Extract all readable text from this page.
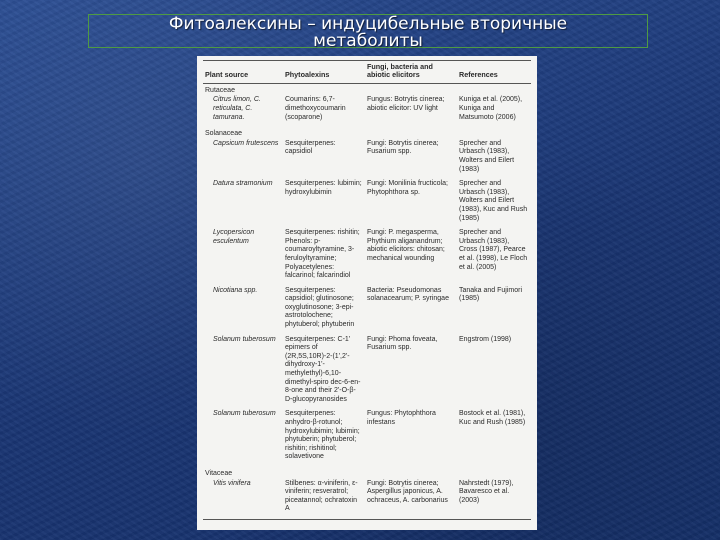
Фитоалексины – индуцибельные вторичные
метаболиты
Plant source	Phytoalexins	Fungi, bacteria and abiotic elicitors	References
Rutaceae			
Citrus limon, C. reticulata, C. tamurana.	Coumarins: 6,7-dimethoxycoumarin (scoparone)	Fungus: Botrytis cinerea; abiotic elicitor: UV light	Kuniga et al. (2005), Kuniga and Matsumoto (2006)
Solanaceae			
Capsicum frutescens	Sesquiterpenes: capsidiol	Fungi: Botrytis cinerea; Fusarium spp.	Sprecher and Urbasch (1983), Wolters and Eilert (1983)
Datura stramonium	Sesquiterpenes: lubimin; hydroxylubimin	Fungi: Monilinia fructicola; Phytophthora sp.	Sprecher and Urbasch (1983), Wolters and Eilert (1983), Kuc and Rush (1985)
Lycopersicon esculentum	Sesquiterpenes: rishitin; Phenols: p-coumaroyltyramine, 3-feruloyltyramine; Polyacetylenes: falcarinol; falcarindiol	Fungi: P. megasperma, Phythium aliganandrum; abiotic elicitors: chitosan; mechanical wounding	Sprecher and Urbasch (1983), Cross (1987), Pearce et al. (1998), Le Floch et al. (2005)
Nicotiana spp.	Sesquiterpenes: capsidiol; glutinosone; oxyglutinosone; 3-epi-astrotolochene; phytuberol; phytuberin	Bacteria: Pseudomonas solanacearum; P. syringae	Tanaka and Fujimori (1985)
Solanum tuberosum	Sesquiterpenes: C-1' epimers of (2R,5S,10R)-2-(1',2'-dihydroxy-1'-methylethyl)-6,10-dimethyl-spiro dec-6-en-8-one and their 2'-O-β-D-glucopyranosides	Fungi: Phoma foveata, Fusarium spp.	Engstrom (1998)
Solanum tuberosum	Sesquiterpenes: anhydro-β-rotunol; hydroxylubimin; lubimin; phytuberin; phytuberol; rishitin; rishitinol; solavetivone	Fungus: Phytophthora infestans	Bostock et al. (1981), Kuc and Rush (1985)
Vitaceae			
Vitis vinifera	Stilbenes: α-viniferin, ε-viniferin; resveratrol; piceatannol; ochratoxin A	Fungi: Botrytis cinerea; Aspergillus japonicus, A. ochraceus, A. carbonarius	Nahrstedt (1979), Bavaresco et al. (2003)
